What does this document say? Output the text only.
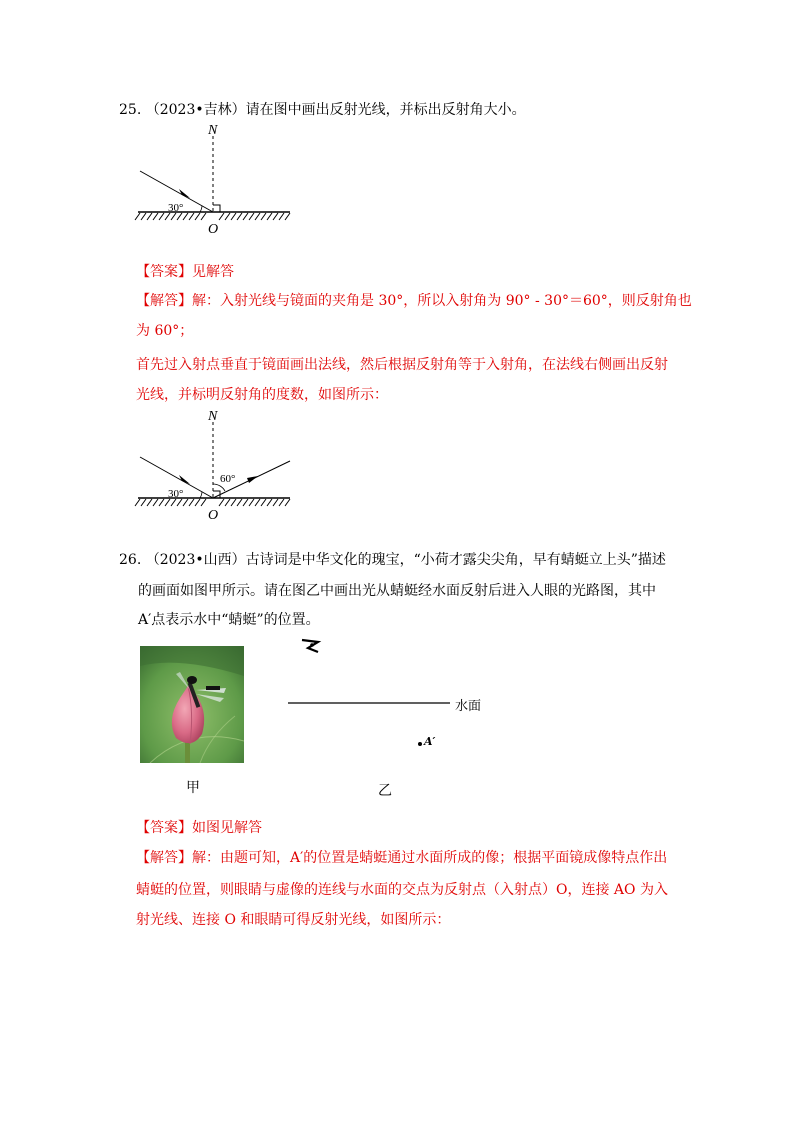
25. （2023•吉林）请在图中画出反射光线，并标出反射角大小。
N
30°
O
【答案】见解答
【解答】解：入射光线与镜面的夹角是 30°，所以入射角为 90° - 30°＝60°，则反射角也
为 60°；
首先过入射点垂直于镜面画出法线，然后根据反射角等于入射角，在法线右侧画出反射
光线，并标明反射角的度数，如图所示：
N
30°
60°
O
26. （2023•山西）古诗词是中华文化的瑰宝，“小荷才露尖尖角，早有蜻蜓立上头”描述
的画面如图甲所示。请在图乙中画出光从蜻蜓经水面反射后进入人眼的光路图，其中
A′点表示水中“蜻蜓”的位置。
甲
水面
A′
乙
【答案】如图见解答
【解答】解：由题可知，A′的位置是蜻蜓通过水面所成的像；根据平面镜成像特点作出
蜻蜓的位置，则眼睛与虚像的连线与水面的交点为反射点（入射点）O，连接 AO 为入
射光线、连接 O 和眼睛可得反射光线，如图所示：
